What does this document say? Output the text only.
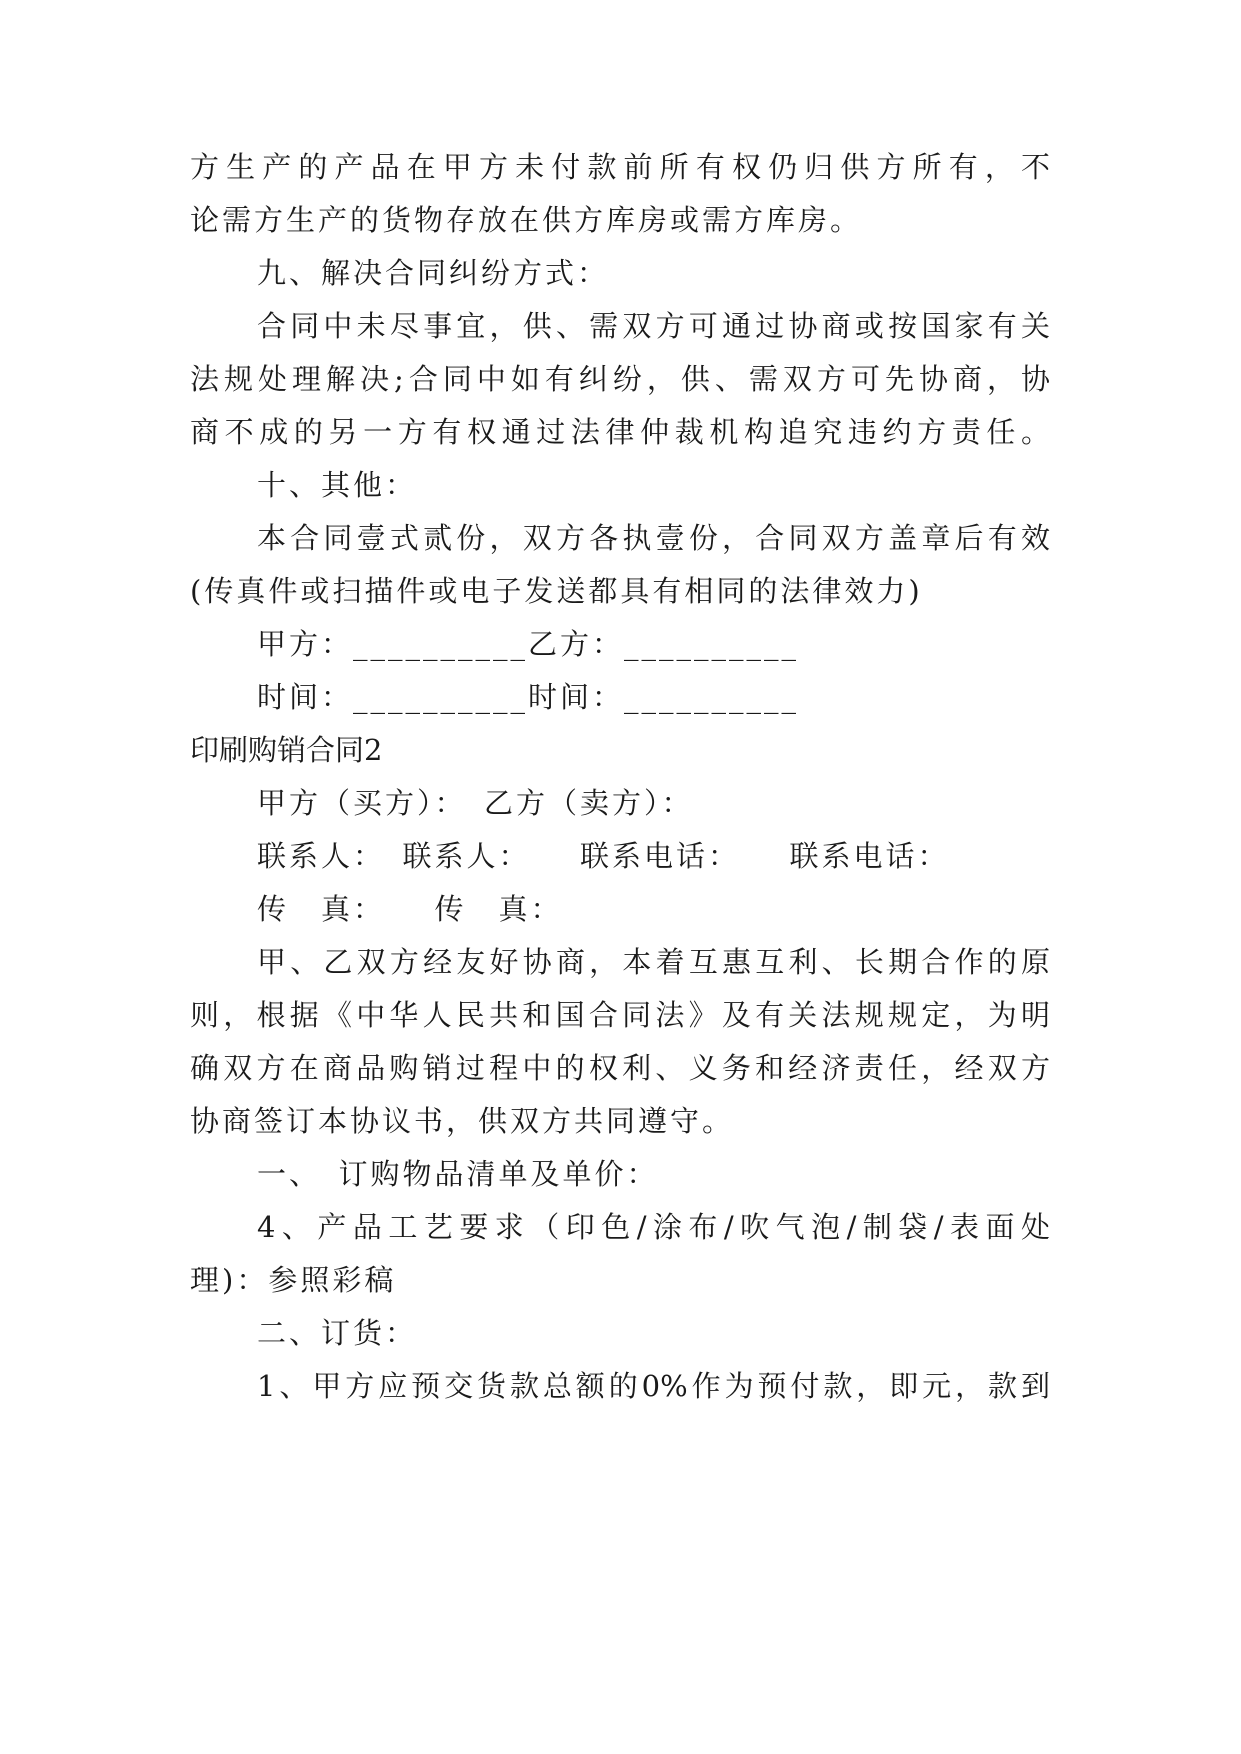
方生产的产品在甲方未付款前所有权仍归供方所有，不
论需方生产的货物存放在供方库房或需方库房。
九、解决合同纠纷方式：
合同中未尽事宜，供、需双方可通过协商或按国家有关
法规处理解决;合同中如有纠纷，供、需双方可先协商，协
商不成的另一方有权通过法律仲裁机构追究违约方责任。
十、其他：
本合同壹式贰份，双方各执壹份，合同双方盖章后有效
(传真件或扫描件或电子发送都具有相同的法律效力)
甲方：__________乙方：__________
时间：__________时间：__________
印刷购销合同2
甲方（买方）：　乙方（卖方）：
联系人：　联系人：　　联系电话：　　联系电话：
传　真：　　传　真：
甲、乙双方经友好协商，本着互惠互利、长期合作的原
则，根据《中华人民共和国合同法》及有关法规规定，为明
确双方在商品购销过程中的权利、义务和经济责任，经双方
协商签订本协议书，供双方共同遵守。
一、　订购物品清单及单价：
4、产品工艺要求（印色/涂布/吹气泡/制袋/表面处
理)：参照彩稿
二、订货：
1、甲方应预交货款总额的0%作为预付款，即元，款到
